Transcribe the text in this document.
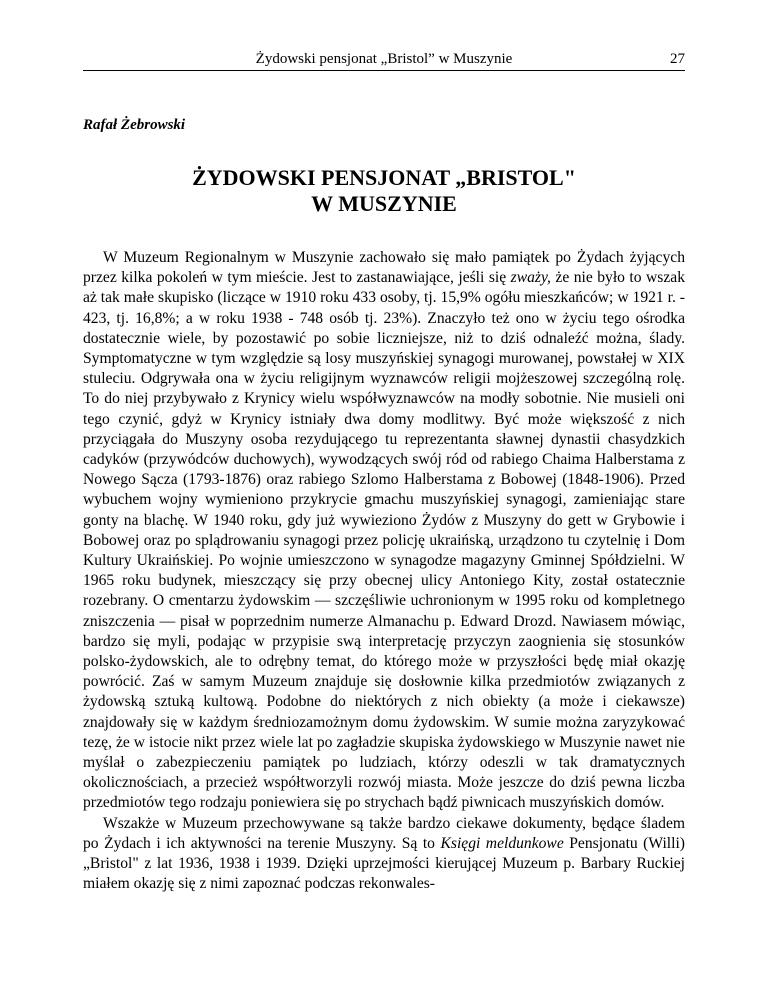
Żydowski pensjonat „Bristol” w Muszynie	27
Rafał Żebrowski
ŻYDOWSKI PENSJONAT „BRISTOL"
W MUSZYNIE

W Muzeum Regionalnym w Muszynie zachowało się mało pamiątek po Żydach żyjących przez kilka pokoleń w tym mieście. Jest to zastanawiające, jeśli się zważy, że nie było to wszak aż tak małe skupisko (liczące w 1910 roku 433 osoby, tj. 15,9% ogółu mieszkańców; w 1921 r. - 423, tj. 16,8%; a w roku 1938 - 748 osób tj. 23%). Znaczyło też ono w życiu tego ośrodka dostatecznie wiele, by pozostawić po sobie liczniejsze, niż to dziś odnaleźć można, ślady. Symptomatyczne w tym względzie są losy muszyńskiej synagogi murowanej, powstałej w XIX stuleciu. Odgrywała ona w życiu religijnym wyznawców religii mojżeszowej szczególną rolę. To do niej przybywało z Krynicy wielu współwyznawców na modły sobotnie. Nie musieli oni tego czynić, gdyż w Krynicy istniały dwa domy modlitwy. Być może większość z nich przyciągała do Muszyny osoba rezydującego tu reprezentanta sławnej dynastii chasydzkich cadyków (przywódców duchowych), wywodzących swój ród od rabiego Chaima Halberstama z Nowego Sącza (1793-1876) oraz rabiego Szlomo Halberstama z Bobowej (1848-1906). Przed wybuchem wojny wymieniono przykrycie gmachu muszyńskiej synagogi, zamieniając stare gonty na blachę. W 1940 roku, gdy już wywieziono Żydów z Muszyny do gett w Grybowie i Bobowej oraz po splądrowaniu synagogi przez policję ukraińską, urządzono tu czytelnię i Dom Kultury Ukraińskiej. Po wojnie umieszczono w synagodze magazyny Gminnej Spółdzielni. W 1965 roku budynek, mieszczący się przy obecnej ulicy Antoniego Kity, został ostatecznie rozebrany. O cmentarzu żydowskim — szczęśliwie uchronionym w 1995 roku od kompletnego zniszczenia — pisał w poprzednim numerze Almanachu p. Edward Drozd. Nawiasem mówiąc, bardzo się myli, podając w przypisie swą interpretację przyczyn zaognienia się stosunków polsko-żydowskich, ale to odrębny temat, do którego może w przyszłości będę miał okazję powrócić. Zaś w samym Muzeum znajduje się dosłownie kilka przedmiotów związanych z żydowską sztuką kultową. Podobne do niektórych z nich obiekty (a może i ciekawsze) znajdowały się w każdym średniozamożnym domu żydowskim. W sumie można zaryzykować tezę, że w istocie nikt przez wiele lat po zagładzie skupiska żydowskiego w Muszynie nawet nie myślał o zabezpieczeniu pamiątek po ludziach, którzy odeszli w tak dramatycznych okolicznościach, a przecież współtworzyli rozwój miasta. Może jeszcze do dziś pewna liczba przedmiotów tego rodzaju poniewiera się po strychach bądź piwnicach muszyńskich domów.

Wszakże w Muzeum przechowywane są także bardzo ciekawe dokumenty, będące śladem po Żydach i ich aktywności na terenie Muszyny. Są to Księgi meldunkowe Pensjonatu (Willi) „Bristol" z lat 1936, 1938 i 1939. Dzięki uprzejmości kierującej Muzeum p. Barbary Ruckiej miałem okazję się z nimi zapoznać podczas rekonwales-
